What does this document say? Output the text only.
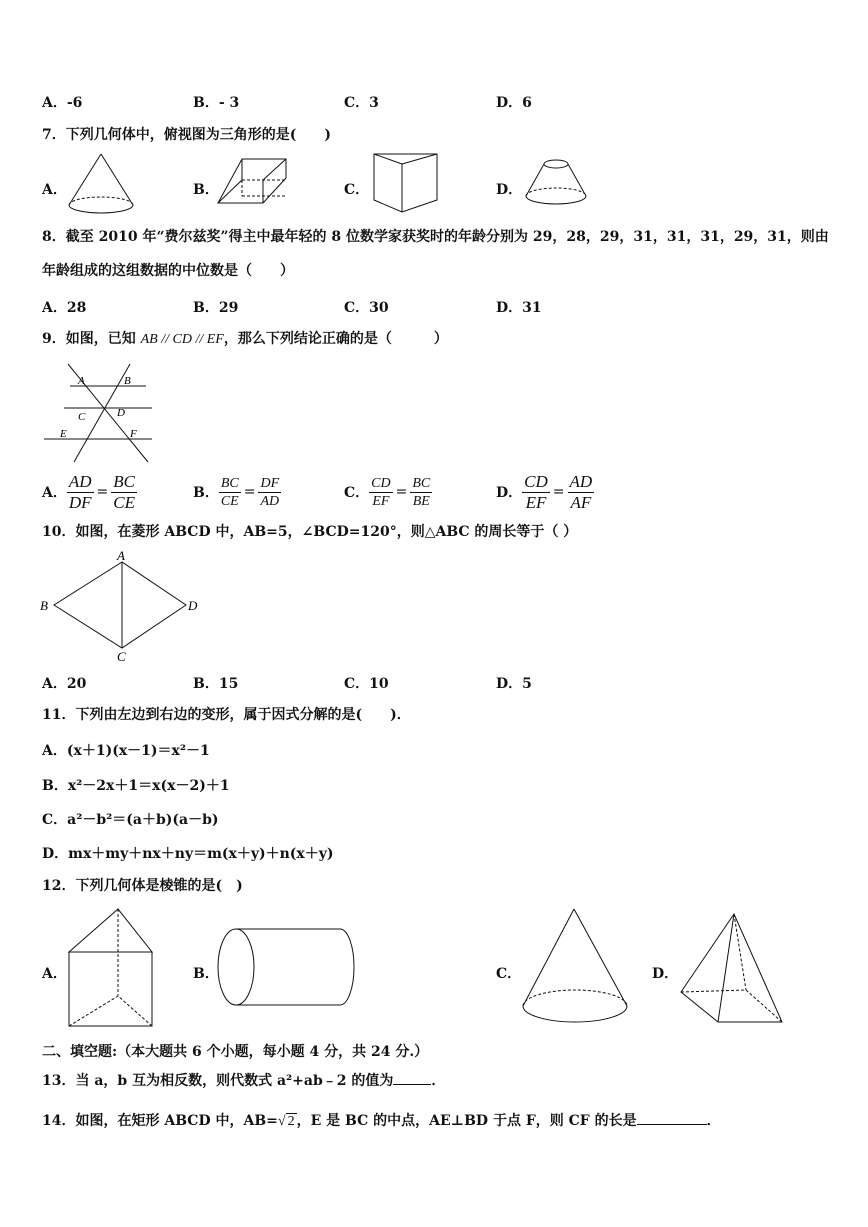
A．-6	B．- 3	C．3	D．6
7．下列几何体中，俯视图为三角形的是(　　)
A．	B．	C．	D．
8．截至 2010 年“费尔兹奖”得主中最年轻的 8 位数学家获奖时的年龄分别为 29，28，29，31，31，31，29，31，则由
年龄组成的这组数据的中位数是（　　）
A．28	B．29	C．30	D．31
9．如图，已知 AB // CD // EF，那么下列结论正确的是（　　　）
A	B
C	D
E	F
A． $\frac{AD}{DF} = \frac{BC}{CE}$	B． $\frac{BC}{CE} = \frac{DF}{AD}$	C． $\frac{CD}{EF} = \frac{BC}{BE}$	D． $\frac{CD}{EF} = \frac{AD}{AF}$
10．如图，在菱形 ABCD 中，AB=5，∠BCD=120°，则△ABC 的周长等于（ ）
A
B
C
D
A．20	B．15	C．10	D．5
11．下列由左边到右边的变形，属于因式分解的是(　　)．
A．(x＋1)(x－1)＝x²－1
B．x²－2x＋1＝x(x－2)＋1
C．a²－b²＝(a＋b)(a－b)
D．mx＋my＋nx＋ny＝m(x＋y)＋n(x＋y)
12．下列几何体是棱锥的是(　)
A．	B．	C．	D．
二、填空题:（本大题共 6 个小题，每小题 4 分，共 24 分.）
13．当 a，b 互为相反数，则代数式 a²+ab﹣2 的值为	．
14．如图，在矩形 ABCD 中，AB=√ 2 ，E 是 BC 的中点，AE⊥BD 于点 F，则 CF 的长是	．
